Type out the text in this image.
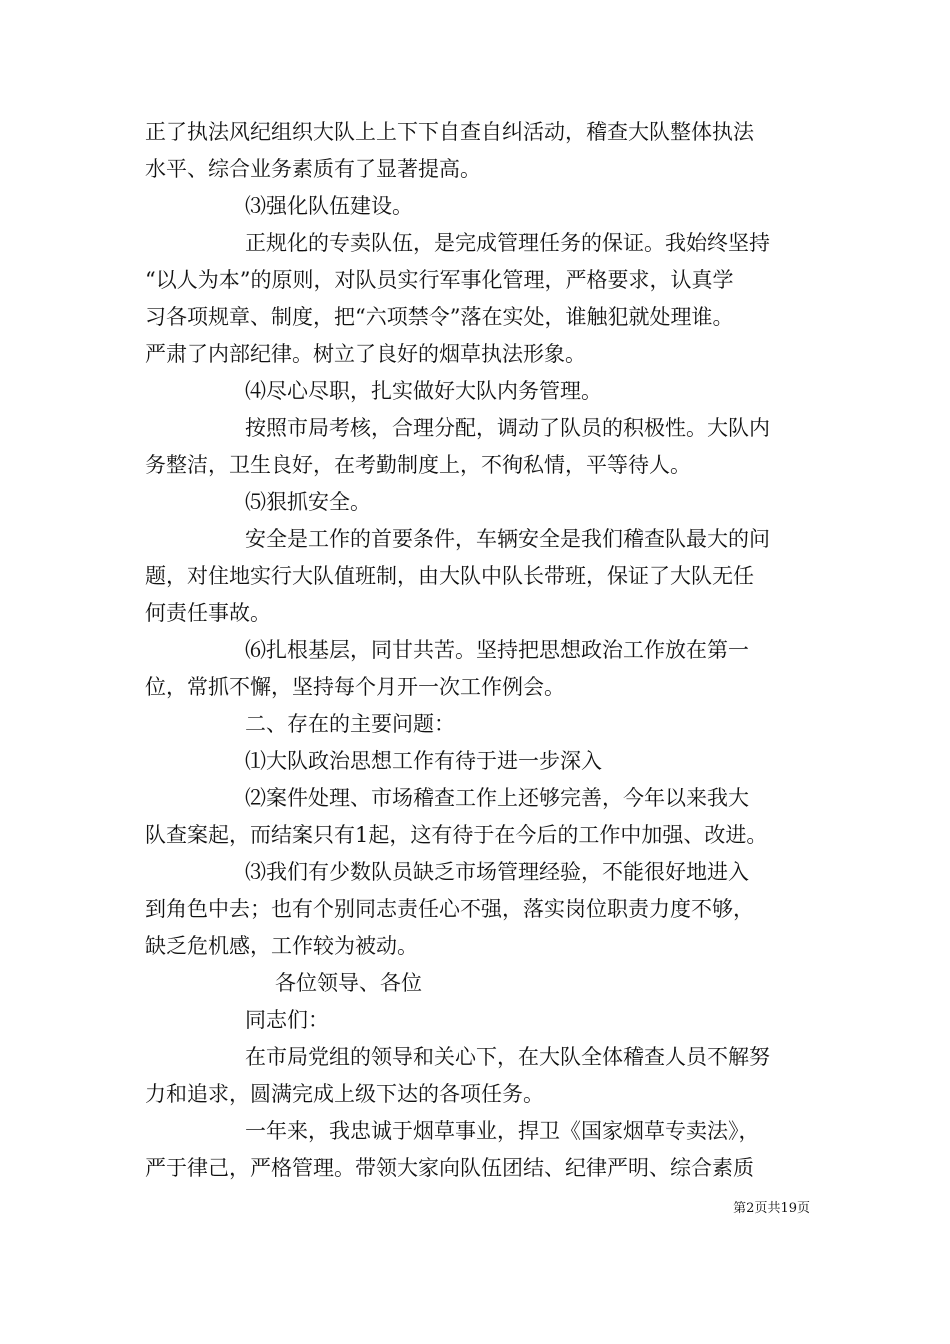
正了执法风纪组织大队上上下下自查自纠活动，稽查大队整体执法
水平、综合业务素质有了显著提高。
⑶强化队伍建设。
正规化的专卖队伍，是完成管理任务的保证。我始终坚持
“以人为本”的原则，对队员实行军事化管理，严格要求，认真学
习各项规章、制度，把“六项禁令”落在实处，谁触犯就处理谁。
严肃了内部纪律。树立了良好的烟草执法形象。
⑷尽心尽职，扎实做好大队内务管理。
按照市局考核，合理分配，调动了队员的积极性。大队内
务整洁，卫生良好，在考勤制度上，不徇私情，平等待人。
⑸狠抓安全。
安全是工作的首要条件，车辆安全是我们稽查队最大的问
题，对住地实行大队值班制，由大队中队长带班，保证了大队无任
何责任事故。
⑹扎根基层，同甘共苦。坚持把思想政治工作放在第一
位，常抓不懈，坚持每个月开一次工作例会。
二、存在的主要问题：
⑴大队政治思想工作有待于进一步深入
⑵案件处理、市场稽查工作上还够完善，今年以来我大
队查案起，而结案只有1起，这有待于在今后的工作中加强、改进。
⑶我们有少数队员缺乏市场管理经验，不能很好地进入
到角色中去；也有个别同志责任心不强，落实岗位职责力度不够，
缺乏危机感，工作较为被动。
各位领导、各位
同志们：
在市局党组的领导和关心下，在大队全体稽查人员不解努
力和追求，圆满完成上级下达的各项任务。
一年来，我忠诚于烟草事业，捍卫《国家烟草专卖法》，
严于律己，严格管理。带领大家向队伍团结、纪律严明、综合素质
第2页共19页
